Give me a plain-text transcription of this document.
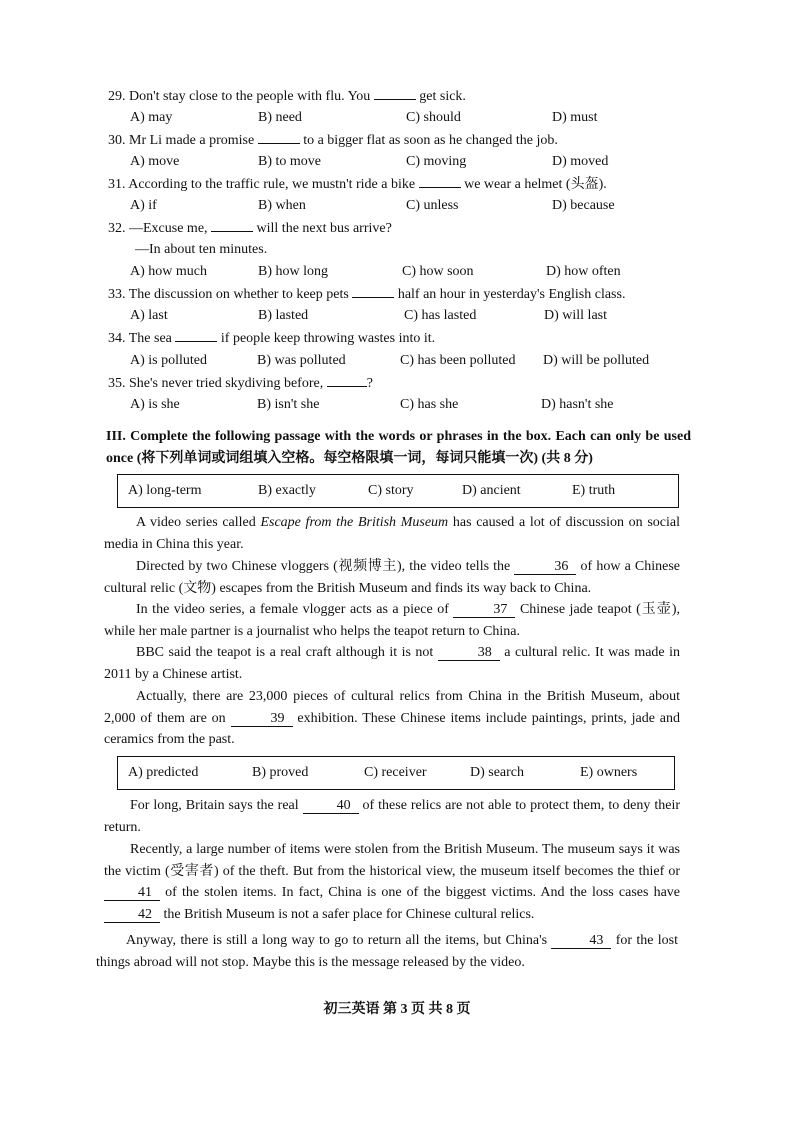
29. Don't stay close to the people with flu. You	get sick.
A) may	B) need	C) should	D) must
30. Mr Li made a promise	to a bigger flat as soon as he changed the job.
A) move	B) to move	C) moving	D) moved
31. According to the traffic rule, we mustn't ride a bike	we wear a helmet (头盔).
A) if	B) when	C) unless	D) because
32. —Excuse me,	will the next bus arrive?
—In about ten minutes.
A) how much	B) how long	C) how soon	D) how often
33. The discussion on whether to keep pets	half an hour in yesterday's English class.
A) last	B) lasted	C) has lasted	D) will last
34. The sea	if people keep throwing wastes into it.
A) is polluted	B) was polluted	C) has been polluted D) will be polluted
35. She's never tried skydiving before,	?
A) is she	B) isn't she	C) has she	D) hasn't she
III. Complete the following passage with the words or phrases in the box. Each can only be used once (将下列单词或词组填入空格。每空格限填一词，每词只能填一次) (共 8 分)
A) long-term	B) exactly	C) story	D) ancient	E) truth
A video series called Escape from the British Museum has caused a lot of discussion on social media in China this year.
Directed by two Chinese vloggers (视频博主), the video tells the	36 of how a Chinese cultural relic (文物) escapes from the British Museum and finds its way back to China.
In the video series, a female vlogger acts as a piece of	37 Chinese jade teapot (玉壶), while her male partner is a journalist who helps the teapot return to China.
BBC said the teapot is a real craft although it is not	38 a cultural relic. It was made in 2011 by a Chinese artist.
Actually, there are 23,000 pieces of cultural relics from China in the British Museum, about 2,000 of them are on	39 exhibition. These Chinese items include paintings, prints, jade and ceramics from the past.
A) predicted	B) proved	C) receiver	D) search	E) owners
For long, Britain says the real	40 of these relics are not able to protect them, to deny their return.
Recently, a large number of items were stolen from the British Museum. The museum says it was the victim (受害者) of the theft. But from the historical view, the museum itself becomes the thief or 41 of the stolen items. In fact, China is one of the biggest victims. And the loss cases have 42 the British Museum is not a safer place for Chinese cultural relics.
Anyway, there is still a long way to go to return all the items, but China's	43 for the lost things abroad will not stop. Maybe this is the message released by the video.
初三英语 第 3 页 共 8 页
